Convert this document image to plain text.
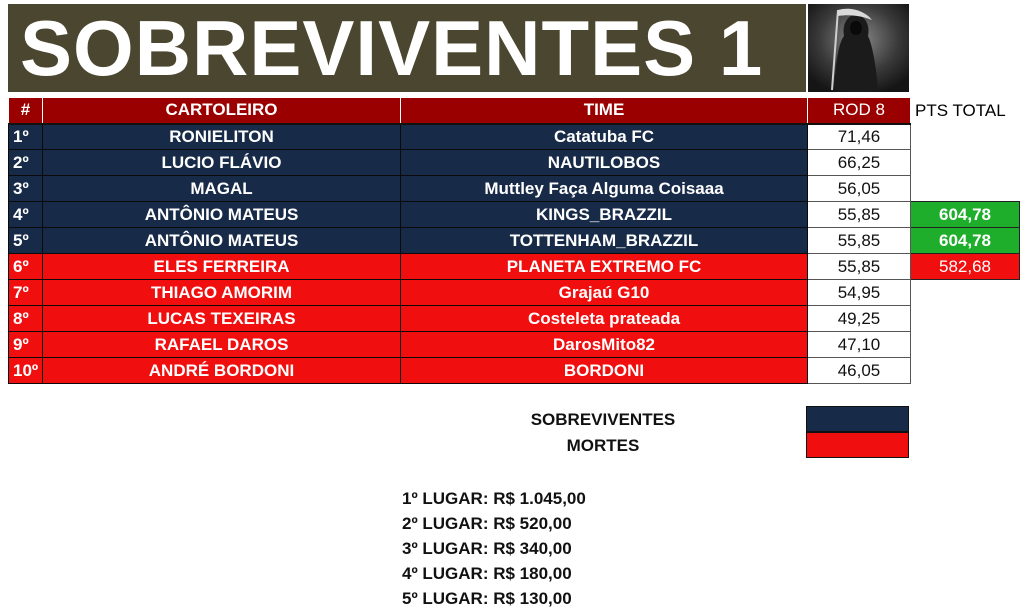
SOBREVIVENTES 1
#	CARTOLEIRO	TIME	ROD 8	PTS TOTAL
1º	RONIELITON	Catatuba FC	71,46	
2º	LUCIO FLÁVIO	NAUTILOBOS	66,25	
3º	MAGAL	Muttley Faça Alguma Coisaaa	56,05	
4º	ANTÔNIO MATEUS	KINGS_BRAZZIL	55,85	604,78
5º	ANTÔNIO MATEUS	TOTTENHAM_BRAZZIL	55,85	604,78
6º	ELES FERREIRA	PLANETA EXTREMO FC	55,85	582,68
7º	THIAGO AMORIM	Grajaú G10	54,95	
8º	LUCAS TEXEIRAS	Costeleta prateada	49,25	
9º	RAFAEL DAROS	DarosMito82	47,10	
10º	ANDRÉ BORDONI	BORDONI	46,05	
SOBREVIVENTES
MORTES
1º LUGAR: R$ 1.045,00
2º LUGAR: R$ 520,00
3º LUGAR: R$ 340,00
4º LUGAR: R$ 180,00
5º LUGAR: R$ 130,00
